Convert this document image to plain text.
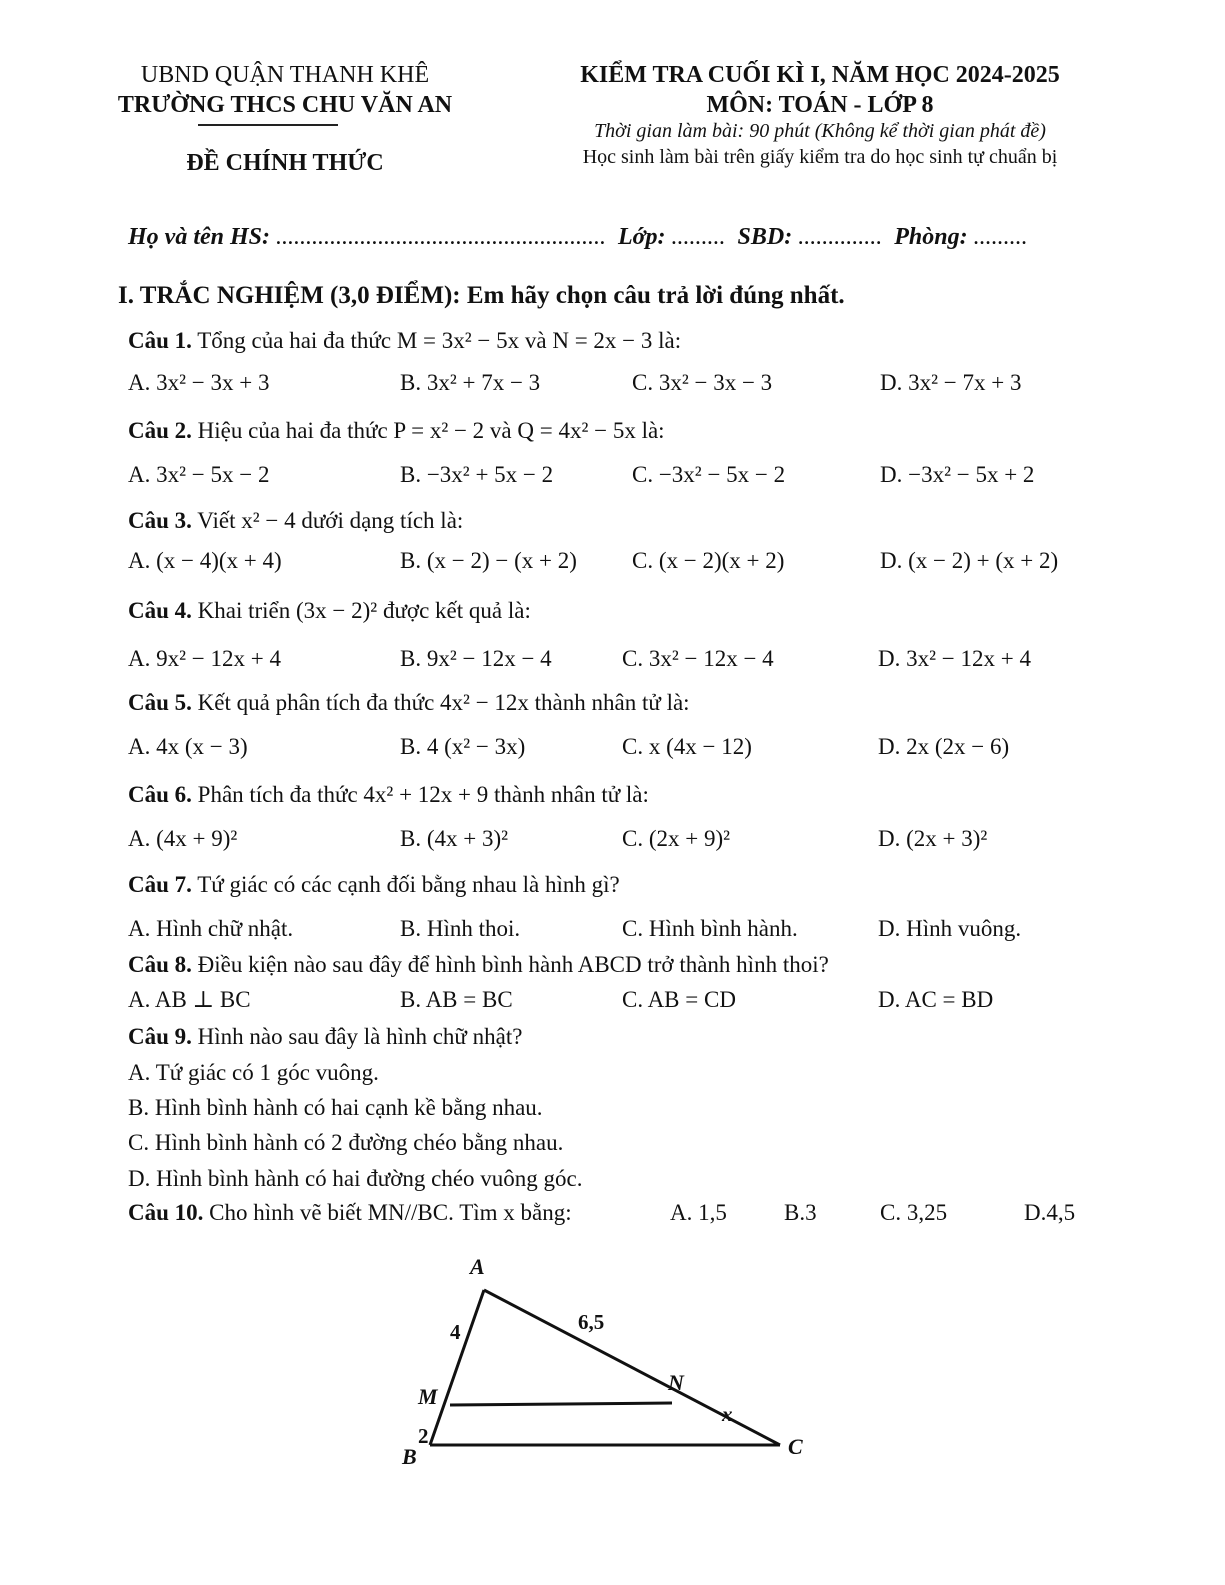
UBND QUẬN THANH KHÊ
TRƯỜNG THCS CHU VĂN AN
ĐỀ CHÍNH THỨC
KIỂM TRA CUỐI KÌ I, NĂM HỌC 2024-2025
MÔN: TOÁN - LỚP 8
Thời gian làm bài: 90 phút (Không kể thời gian phát đề)
Học sinh làm bài trên giấy kiểm tra do học sinh tự chuẩn bị
Họ và tên HS: ....................................................... Lớp: ......... SBD: .............. Phòng: .........
I. TRẮC NGHIỆM (3,0 ĐIỂM): Em hãy chọn câu trả lời đúng nhất.
Câu 1. Tổng của hai đa thức M = 3x² − 5x và N = 2x − 3 là:
A. 3x² − 3x + 3	B. 3x² + 7x − 3	C. 3x² − 3x − 3	D. 3x² − 7x + 3
Câu 2. Hiệu của hai đa thức P = x² − 2 và Q = 4x² − 5x là:
A. 3x² − 5x − 2	B. −3x² + 5x − 2	C. −3x² − 5x − 2	D. −3x² − 5x + 2
Câu 3. Viết x² − 4 dưới dạng tích là:
A. (x − 4)(x + 4)	B. (x − 2) − (x + 2) C. (x − 2)(x + 2)	D. (x − 2) + (x + 2)
Câu 4. Khai triển (3x − 2)² được kết quả là:
A. 9x² − 12x + 4	B. 9x² − 12x − 4	C. 3x² − 12x − 4	D. 3x² − 12x + 4
Câu 5. Kết quả phân tích đa thức 4x² − 12x thành nhân tử là:
A. 4x (x − 3)	B. 4 (x² − 3x)	C. x (4x − 12)	D. 2x (2x − 6)
Câu 6. Phân tích đa thức 4x² + 12x + 9 thành nhân tử là:
A. (4x + 9)²	B. (4x + 3)²	C. (2x + 9)²	D. (2x + 3)²
Câu 7. Tứ giác có các cạnh đối bằng nhau là hình gì?
A. Hình chữ nhật.	B. Hình thoi.	C. Hình bình hành.	D. Hình vuông.
Câu 8. Điều kiện nào sau đây để hình bình hành ABCD trở thành hình thoi?
A. AB ⊥ BC	B. AB = BC	C. AB = CD	D. AC = BD
Câu 9. Hình nào sau đây là hình chữ nhật?
A. Tứ giác có 1 góc vuông.
B. Hình bình hành có hai cạnh kề bằng nhau.
C. Hình bình hành có 2 đường chéo bằng nhau.
D. Hình bình hành có hai đường chéo vuông góc.
Câu 10. Cho hình vẽ biết MN//BC. Tìm x bằng:	A. 1,5 B.3	C. 3,25	D.4,5
A
M
N
B	C
4
2
6,5
x
